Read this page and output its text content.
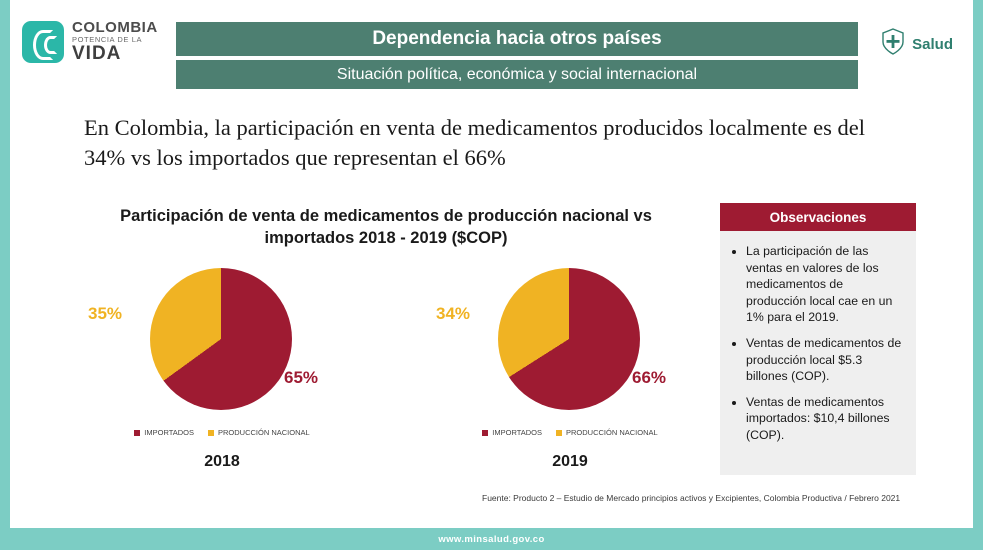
COLOMBIA
POTENCIA DE LA
VIDA
Dependencia hacia otros países
Situación política, económica y social internacional
Salud
En Colombia, la participación en venta de medicamentos producidos localmente es del 34% vs los importados que representan el 66%
Participación de venta de medicamentos de producción nacional vs importados 2018 - 2019 ($COP)
35%
65%
IMPORTADOS	PRODUCCIÓN NACIONAL
2018
34%
66%
IMPORTADOS	PRODUCCIÓN NACIONAL
2019
Observaciones
• La participación de las ventas en valores de los medicamentos de producción local cae en un 1% para el 2019.
• Ventas de medicamentos de producción local $5.3 billones (COP).
• Ventas de medicamentos importados: $10,4 billones (COP).
Fuente: Producto 2 – Estudio de Mercado principios activos y Excipientes, Colombia Productiva / Febrero 2021
www.minsalud.gov.co
